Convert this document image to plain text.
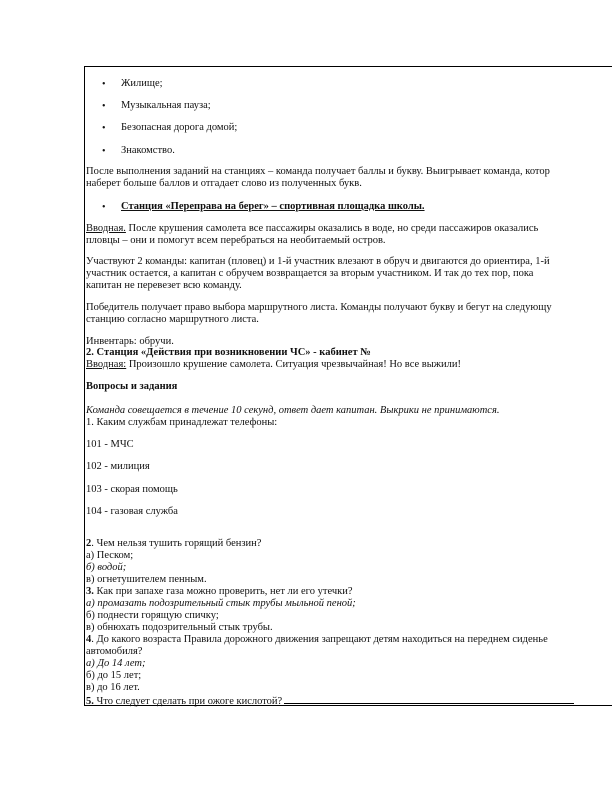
• Жилище;
• Музыкальная пауза;
• Безопасная дорога домой;
• Знакомство.
После выполнения заданий на станциях – команда получает баллы и букву. Выигрывает команда, котор
наберет больше баллов и отгадает слово из полученных букв.
• Станция «Переправа на берег» – спортивная площадка школы.
Вводная. После крушения самолета все пассажиры оказались в воде, но среди пассажиров оказались
пловцы – они и помогут всем перебраться на необитаемый остров.
Участвуют 2 команды: капитан (пловец) и 1-й участник влезают в обруч и двигаются до ориентира, 1-й
участник остается, а капитан с обручем возвращается за вторым участником. И так до тех пор, пока
капитан не перевезет всю команду.
Победитель получает право выбора маршрутного листа. Команды получают букву и бегут на следующу
станцию согласно маршрутного листа.
Инвентарь: обручи.
2. Станция «Действия при возникновении ЧС» - кабинет №
Вводная: Произошло крушение самолета. Ситуация чрезвычайная! Но все выжили!
Вопросы и задания
Команда совещается в течение 10 секунд, ответ дает капитан. Выкрики не принимаются.
1. Каким службам принадлежат телефоны:
101 - МЧС
102 - милиция
103 - скорая помощь
104 - газовая служба
2. Чем нельзя тушить горящий бензин?
а) Песком;
б) водой;
в) огнетушителем пенным.
3. Как при запахе газа можно проверить, нет ли его утечки?
а) промазать подозрительный стык трубы мыльной пеной;
б) поднести горящую спичку;
в) обнюхать подозрительный стык трубы.
4. До какого возраста Правила дорожного движения запрещают детям находиться на переднем сиденье
автомобиля?
а) До 14 лет;
б) до 15 лет;
в) до 16 лет.
5. Что следует сделать при ожоге кислотой?
